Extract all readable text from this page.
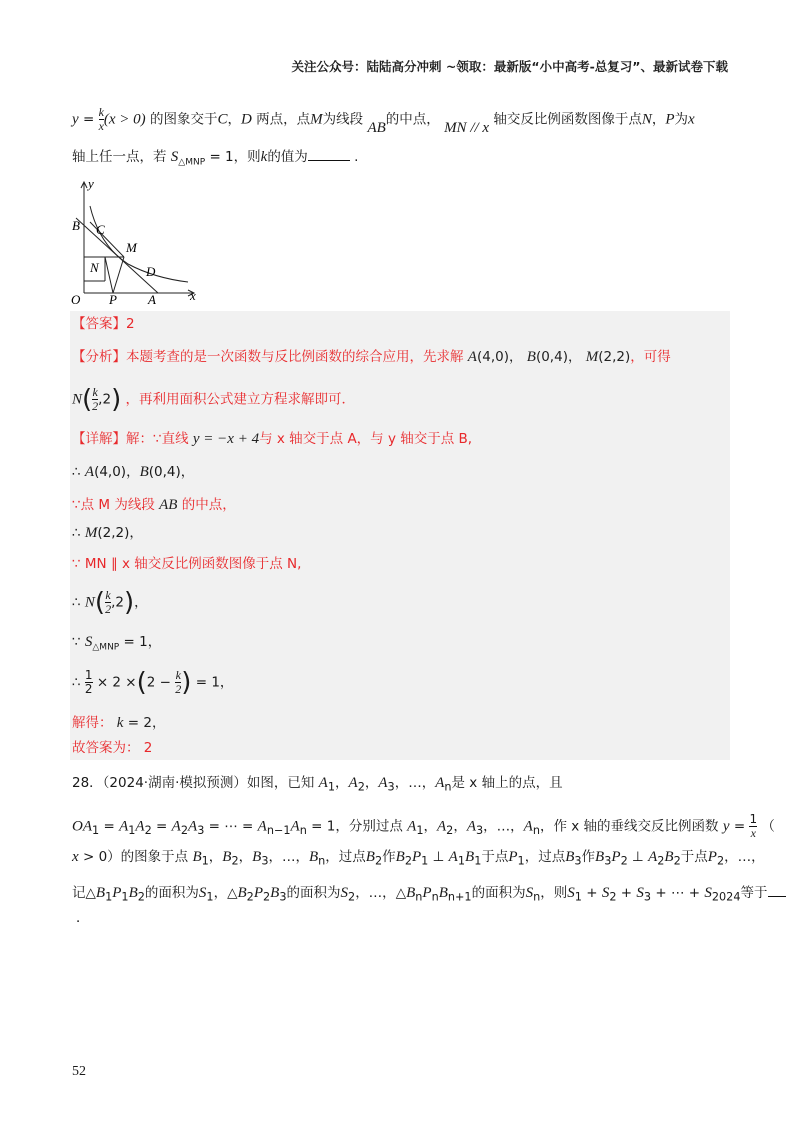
关注公众号：陆陆高分冲刺 ~领取：最新版“小中高考-总复习”、最新试卷下载
$y = \frac{k}{x} (x > 0)$ 的图象交于C，D 两点，点M为线段 AB的中点， MN // x 轴交反比例函数图像于点N，P为x
轴上任一点，若 $S_{\triangle MNP} = 1$，则k的值为	.
y
B C
M
N	D
O P A	x
【答案】2
【分析】本题考查的是一次函数与反比例函数的综合应用，先求解 A(4,0)， B(0,4)， M(2,2)，可得
$N( \frac{k}{2} ,2)$ ，再利用面积公式建立方程求解即可．
【详解】解：∵直线 y = −x + 4与 x 轴交于点 A，与 y 轴交于点 B,
∴ A(4,0)，B(0,4)，
∵点 M 为线段 AB 的中点，
∴ M(2,2)，
∵ MN ∥ x 轴交反比例函数图像于点 N,
∴ $N( \frac{k}{2} ,2)$，
∵ $S_{\triangle MNP} = 1$，
∴ $\frac{1}{2} \times 2 \times(2 - \frac{k}{2}$ ) = 1，
解得： k = 2，
故答案为： 2
28．（2024·湖南·模拟预测）如图，已知 $A_1$，$A_2$，$A_3$，…，$A_n$是 x 轴上的点，且
$OA_1 = A_1A_2 = A_2A_3$ = ⋯ = $A_{n-1}A_n = 1$，分别过点 $A_1$，$A_2$，$A_3$，…，$A_n$，作 x 轴的垂线交反比例函数 $y = \frac{1}{x}$ （
x > 0）的图象于点 $B_1$，$B_2$，$B_3$，…，$B_n$，过点$B_2$作$B_2P_1$ ⊥ $A_1B_1$于点$P_1$，过点$B_3$作$B_3P_2$ ⊥ $A_2B_2$于点$P_2$，…，
记$\triangle B_1P_1B_2$的面积为$S_1$，$\triangle B_2P_2B_3$的面积为$S_2$，…，$\triangle B_nP_nB_{n+1}$的面积为$S_n$，则$S_1 + S_2 + S_3$ + ⋯ + $S_{2024}$等于
．
52
